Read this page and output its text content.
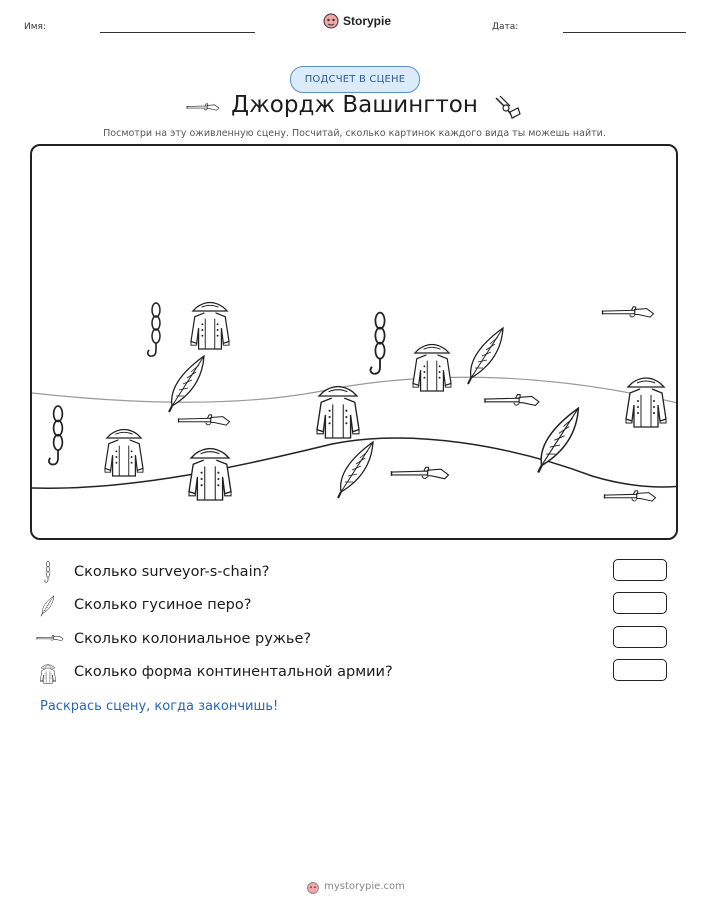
Имя:	Storypie	Дата:
ПОДСЧЕТ В СЦЕНЕ
Джордж Вашингтон
Посмотри на эту оживленную сцену. Посчитай, сколько картинок каждого вида ты можешь найти.
Сколько surveyor-s-chain?
Сколько гусиное перо?
Сколько колониальное ружье?
Сколько форма континентальной армии?
Раскрась сцену, когда закончишь!
mystorypie.com
